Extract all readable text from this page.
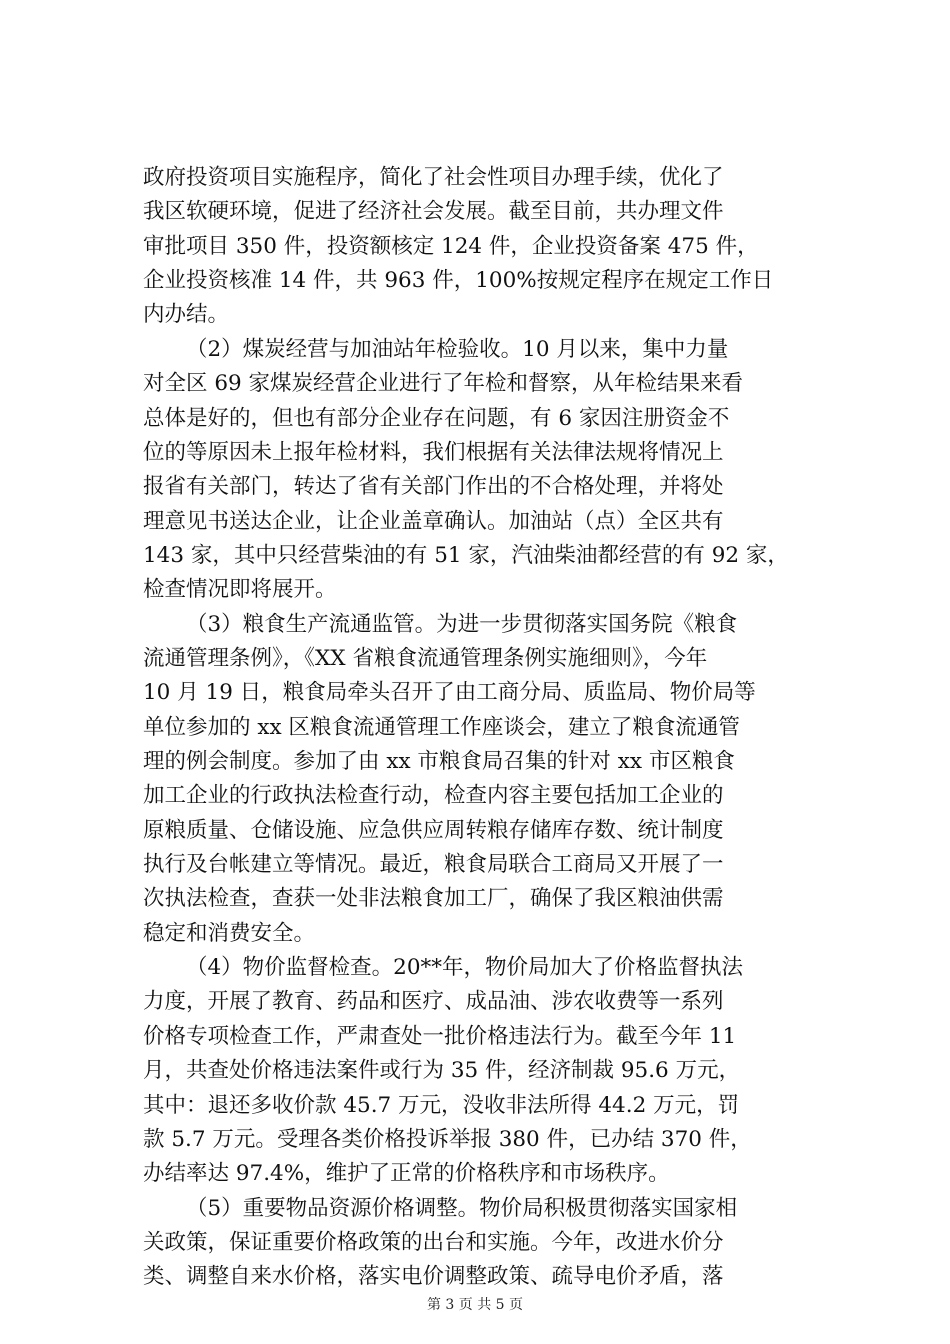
政府投资项目实施程序，简化了社会性项目办理手续，优化了
我区软硬环境，促进了经济社会发展。截至目前，共办理文件
审批项目 350 件，投资额核定 124 件，企业投资备案 475 件，
企业投资核准 14 件，共 963 件，100%按规定程序在规定工作日
内办结。
（2）煤炭经营与加油站年检验收。10 月以来，集中力量
对全区 69 家煤炭经营企业进行了年检和督察，从年检结果来看
总体是好的，但也有部分企业存在问题，有 6 家因注册资金不
位的等原因未上报年检材料，我们根据有关法律法规将情况上
报省有关部门，转达了省有关部门作出的不合格处理，并将处
理意见书送达企业，让企业盖章确认。加油站（点）全区共有
143 家，其中只经营柴油的有 51 家，汽油柴油都经营的有 92 家，
检查情况即将展开。
（3）粮食生产流通监管。为进一步贯彻落实国务院《粮食
流通管理条例》，《XX 省粮食流通管理条例实施细则》，今年
10 月 19 日，粮食局牵头召开了由工商分局、质监局、物价局等
单位参加的 xx 区粮食流通管理工作座谈会，建立了粮食流通管
理的例会制度。参加了由 xx 市粮食局召集的针对 xx 市区粮食
加工企业的行政执法检查行动，检查内容主要包括加工企业的
原粮质量、仓储设施、应急供应周转粮存储库存数、统计制度
执行及台帐建立等情况。最近，粮食局联合工商局又开展了一
次执法检查，查获一处非法粮食加工厂，确保了我区粮油供需
稳定和消费安全。
（4）物价监督检查。20**年，物价局加大了价格监督执法
力度，开展了教育、药品和医疗、成品油、涉农收费等一系列
价格专项检查工作，严肃查处一批价格违法行为。截至今年 11
月，共查处价格违法案件或行为 35 件，经济制裁 95.6 万元，
其中：退还多收价款 45.7 万元，没收非法所得 44.2 万元，罚
款 5.7 万元。受理各类价格投诉举报 380 件，已办结 370 件，
办结率达 97.4%，维护了正常的价格秩序和市场秩序。
（5）重要物品资源价格调整。物价局积极贯彻落实国家相
关政策，保证重要价格政策的出台和实施。今年，改进水价分
类、调整自来水价格，落实电价调整政策、疏导电价矛盾，落
第 3 页 共 5 页
